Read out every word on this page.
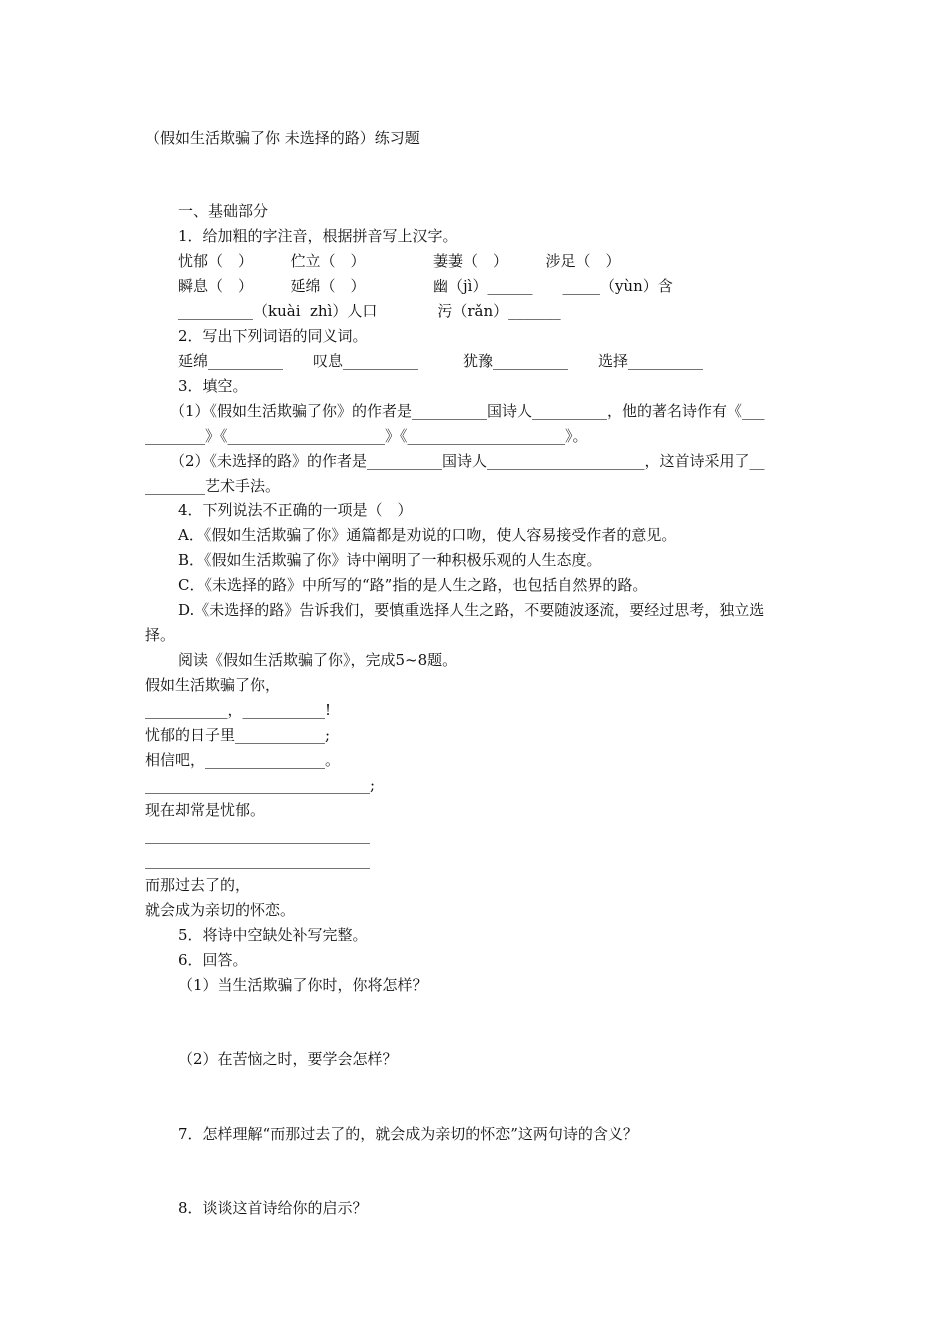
（假如生活欺骗了你 未选择的路）练习题
一、基础部分
1．给加粗的字注音，根据拼音写上汉字。
忧郁（　）　　　伫立（　）　　　　　萋萋（　）　　　涉足（　）
瞬息（　）　　　延绵（　）　　　　　幽（jì）______　　_____（yùn）含
__________（kuài  zhì）人口　　　　污（rǎn）_______
2．写出下列词语的同义词。
延绵__________　　叹息__________　　　犹豫__________　　选择__________
3．填空。
（1）《假如生活欺骗了你》的作者是__________国诗人__________，他的著名诗作有《___
________》《_____________________》《_____________________》。
（2）《未选择的路》的作者是__________国诗人_____________________，这首诗采用了__
________艺术手法。
4．下列说法不正确的一项是（　）
A．《假如生活欺骗了你》通篇都是劝说的口吻，使人容易接受作者的意见。
B．《假如生活欺骗了你》诗中阐明了一种积极乐观的人生态度。
C．《未选择的路》中所写的“路”指的是人生之路，也包括自然界的路。
D.《未选择的路》告诉我们，要慎重选择人生之路，不要随波逐流，要经过思考，独立选
择。
阅读《假如生活欺骗了你》，完成5~8题。
假如生活欺骗了你，
___________，___________!
忧郁的日子里____________;
相信吧，________________。
______________________________;
现在却常是忧郁。
______________________________
______________________________
而那过去了的，
就会成为亲切的怀恋。
5．将诗中空缺处补写完整。
6．回答。
（1）当生活欺骗了你时，你将怎样？
（2）在苦恼之时，要学会怎样？
7．怎样理解“而那过去了的，就会成为亲切的怀恋”这两句诗的含义？
8．谈谈这首诗给你的启示？
